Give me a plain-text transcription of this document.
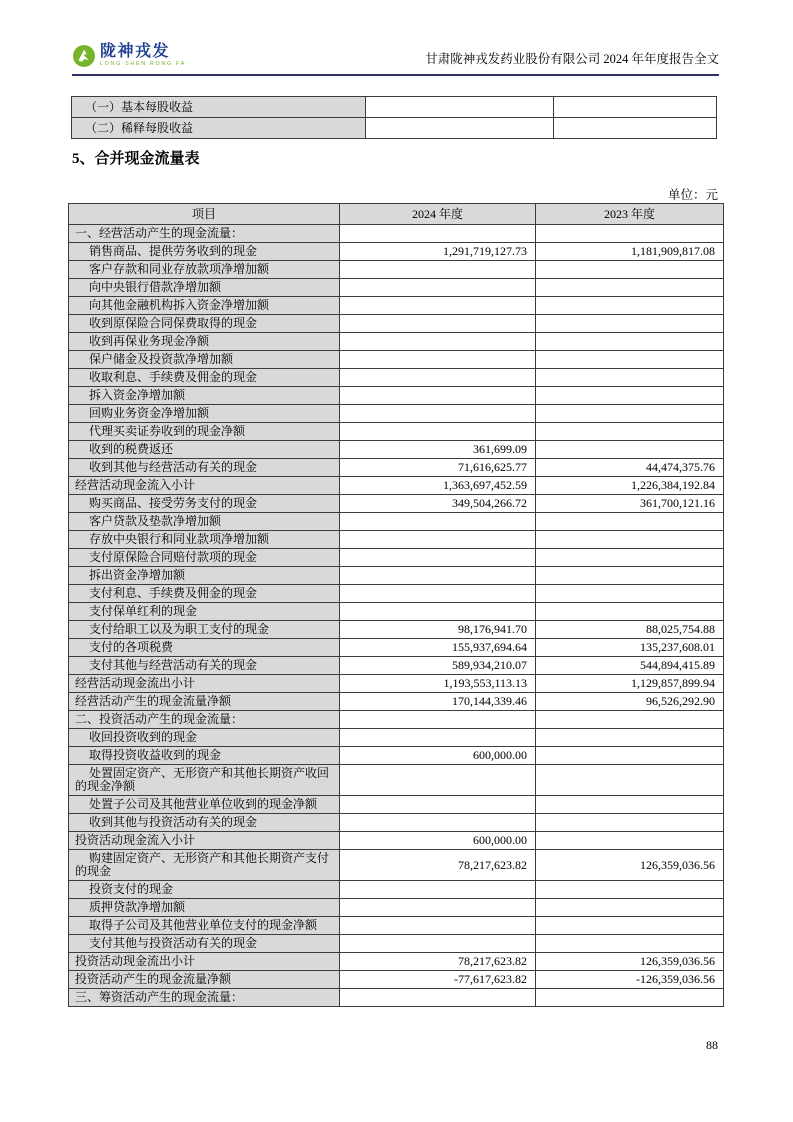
陇神戎发
LONG SHEN RONG FA	甘肃陇神戎发药业股份有限公司 2024 年年度报告全文
（一）基本每股收益		
（二）稀释每股收益		
5、合并现金流量表
单位：元
项目	2024 年度	2023 年度
一、经营活动产生的现金流量：		
销售商品、提供劳务收到的现金	1,291,719,127.73	1,181,909,817.08
客户存款和同业存放款项净增加额		
向中央银行借款净增加额		
向其他金融机构拆入资金净增加额		
收到原保险合同保费取得的现金		
收到再保业务现金净额		
保户储金及投资款净增加额		
收取利息、手续费及佣金的现金		
拆入资金净增加额		
回购业务资金净增加额		
代理买卖证券收到的现金净额		
收到的税费返还	361,699.09	
收到其他与经营活动有关的现金	71,616,625.77	44,474,375.76
经营活动现金流入小计	1,363,697,452.59	1,226,384,192.84
购买商品、接受劳务支付的现金	349,504,266.72	361,700,121.16
客户贷款及垫款净增加额		
存放中央银行和同业款项净增加额		
支付原保险合同赔付款项的现金		
拆出资金净增加额		
支付利息、手续费及佣金的现金		
支付保单红利的现金		
支付给职工以及为职工支付的现金	98,176,941.70	88,025,754.88
支付的各项税费	155,937,694.64	135,237,608.01
支付其他与经营活动有关的现金	589,934,210.07	544,894,415.89
经营活动现金流出小计	1,193,553,113.13	1,129,857,899.94
经营活动产生的现金流量净额	170,144,339.46	96,526,292.90
二、投资活动产生的现金流量：		
收回投资收到的现金		
取得投资收益收到的现金	600,000.00	
处置固定资产、无形资产和其他长期资产收回的现金净额		
处置子公司及其他营业单位收到的现金净额		
收到其他与投资活动有关的现金		
投资活动现金流入小计	600,000.00	
购建固定资产、无形资产和其他长期资产支付的现金	78,217,623.82	126,359,036.56
投资支付的现金		
质押贷款净增加额		
取得子公司及其他营业单位支付的现金净额		
支付其他与投资活动有关的现金		
投资活动现金流出小计	78,217,623.82	126,359,036.56
投资活动产生的现金流量净额	-77,617,623.82	-126,359,036.56
三、筹资活动产生的现金流量：		
88
